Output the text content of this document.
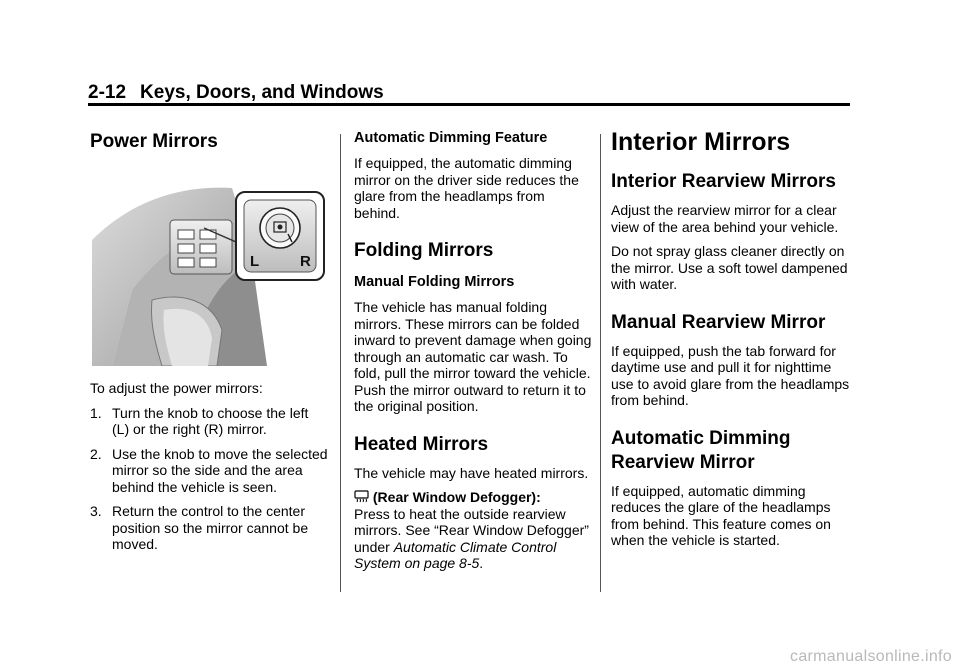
2-12 Keys, Doors, and Windows
Power Mirrors
L	R

To adjust the power mirrors:

1. Turn the knob to choose the left (L) or the right (R) mirror.
2. Use the knob to move the selected mirror so the side and the area behind the vehicle is seen.
3. Return the control to the center position so the mirror cannot be moved.
Automatic Dimming Feature

If equipped, the automatic dimming mirror on the driver side reduces the glare from the headlamps from behind.

Folding Mirrors
Manual Folding Mirrors

The vehicle has manual folding mirrors. These mirrors can be folded inward to prevent damage when going through an automatic car wash. To fold, pull the mirror toward the vehicle. Push the mirror outward to return it to the original position.

Heated Mirrors

The vehicle may have heated mirrors.

(Rear Window Defogger):
Press to heat the outside rearview mirrors. See “Rear Window Defogger” under Automatic Climate Control System on page 8-5.

Interior Mirrors
Interior Rearview Mirrors

Adjust the rearview mirror for a clear view of the area behind your vehicle.

Do not spray glass cleaner directly on the mirror. Use a soft towel dampened with water.

Manual Rearview Mirror

If equipped, push the tab forward for daytime use and pull it for nighttime use to avoid glare from the headlamps from behind.

Automatic Dimming
Rearview Mirror

If equipped, automatic dimming reduces the glare of the headlamps from behind. This feature comes on when the vehicle is started.

carmanualsonline.info
